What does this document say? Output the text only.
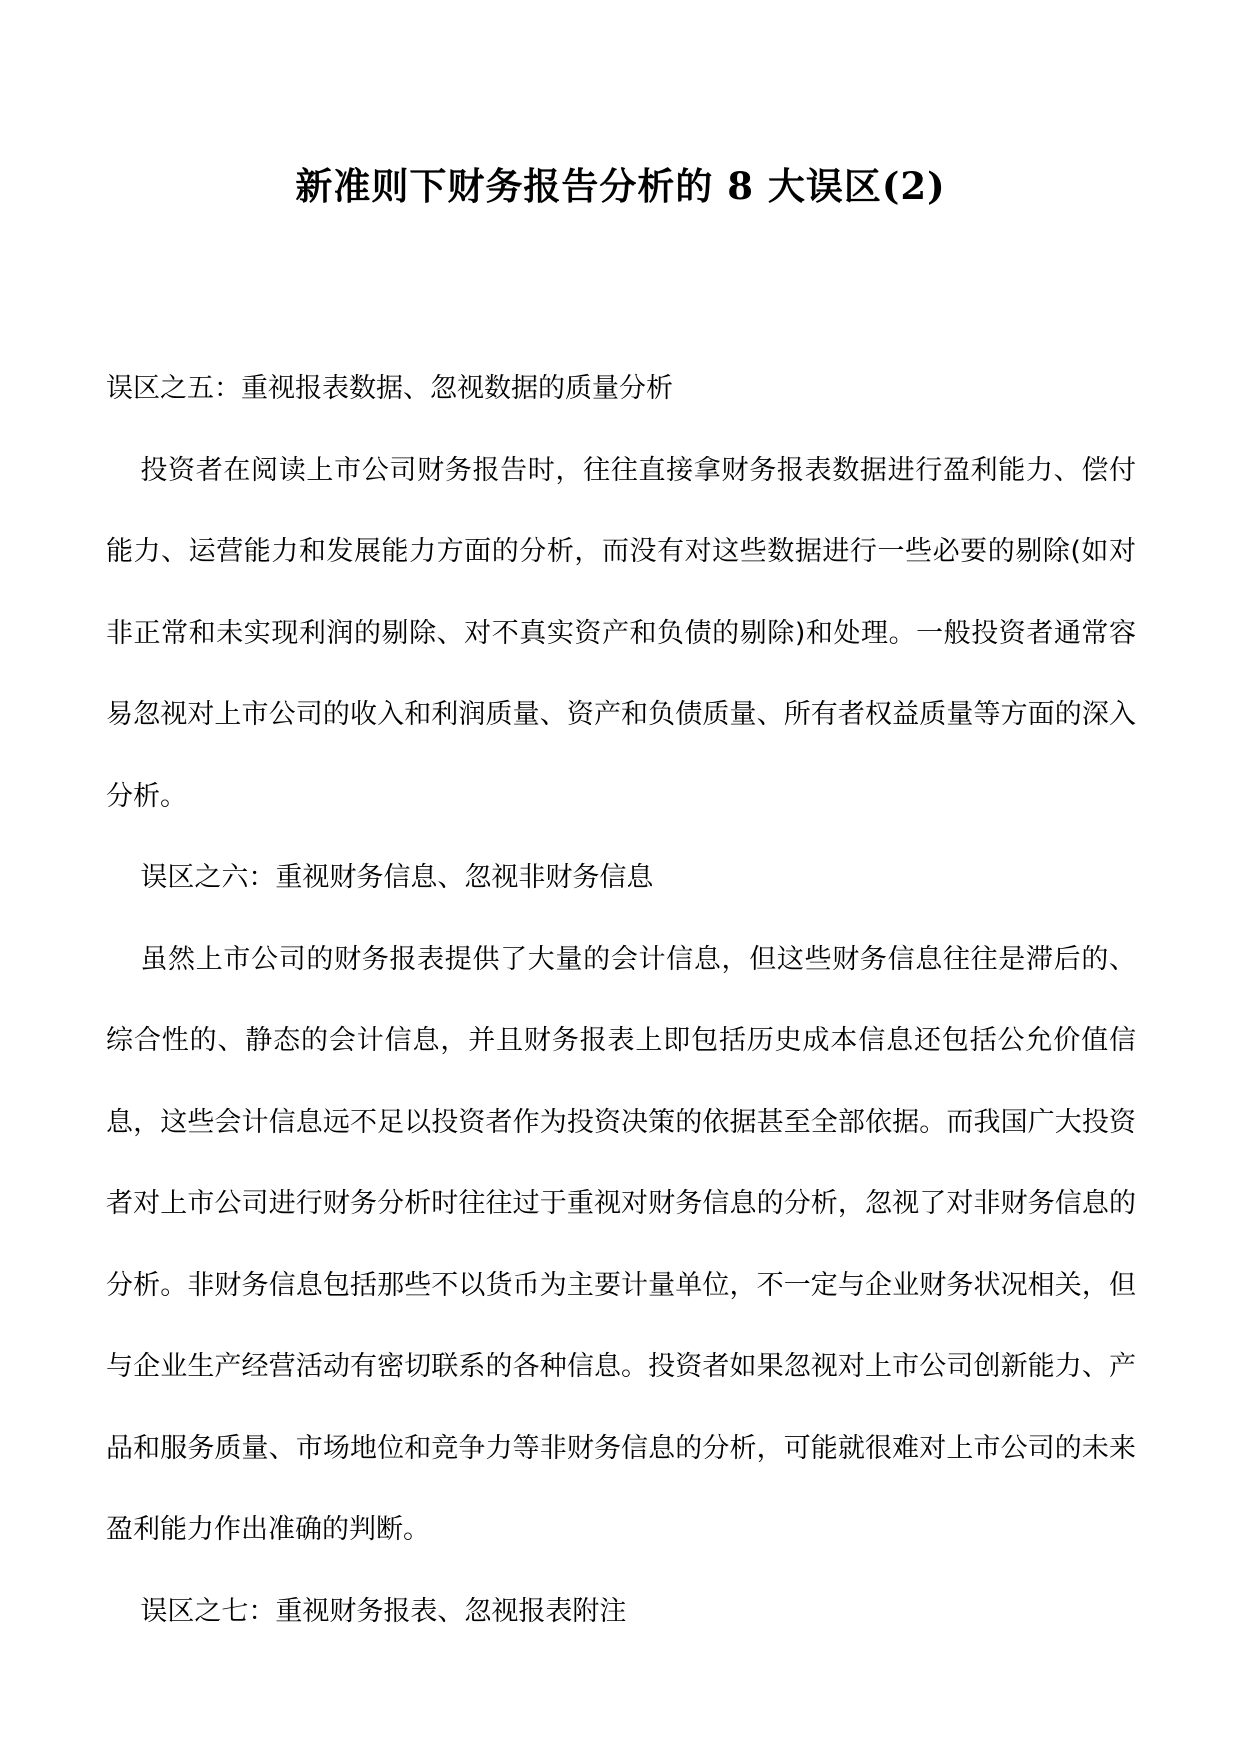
新准则下财务报告分析的 8 大误区(2)

误区之五：重视报表数据、忽视数据的质量分析

投资者在阅读上市公司财务报告时，往往直接拿财务报表数据进行盈利能力、偿付能力、运营能力和发展能力方面的分析，而没有对这些数据进行一些必要的剔除(如对非正常和未实现利润的剔除、对不真实资产和负债的剔除)和处理。一般投资者通常容易忽视对上市公司的收入和利润质量、资产和负债质量、所有者权益质量等方面的深入分析。

误区之六：重视财务信息、忽视非财务信息

虽然上市公司的财务报表提供了大量的会计信息，但这些财务信息往往是滞后的、综合性的、静态的会计信息，并且财务报表上即包括历史成本信息还包括公允价值信息，这些会计信息远不足以投资者作为投资决策的依据甚至全部依据。而我国广大投资者对上市公司进行财务分析时往往过于重视对财务信息的分析，忽视了对非财务信息的分析。非财务信息包括那些不以货币为主要计量单位，不一定与企业财务状况相关，但与企业生产经营活动有密切联系的各种信息。投资者如果忽视对上市公司创新能力、产品和服务质量、市场地位和竞争力等非财务信息的分析，可能就很难对上市公司的未来盈利能力作出准确的判断。

误区之七：重视财务报表、忽视报表附注
